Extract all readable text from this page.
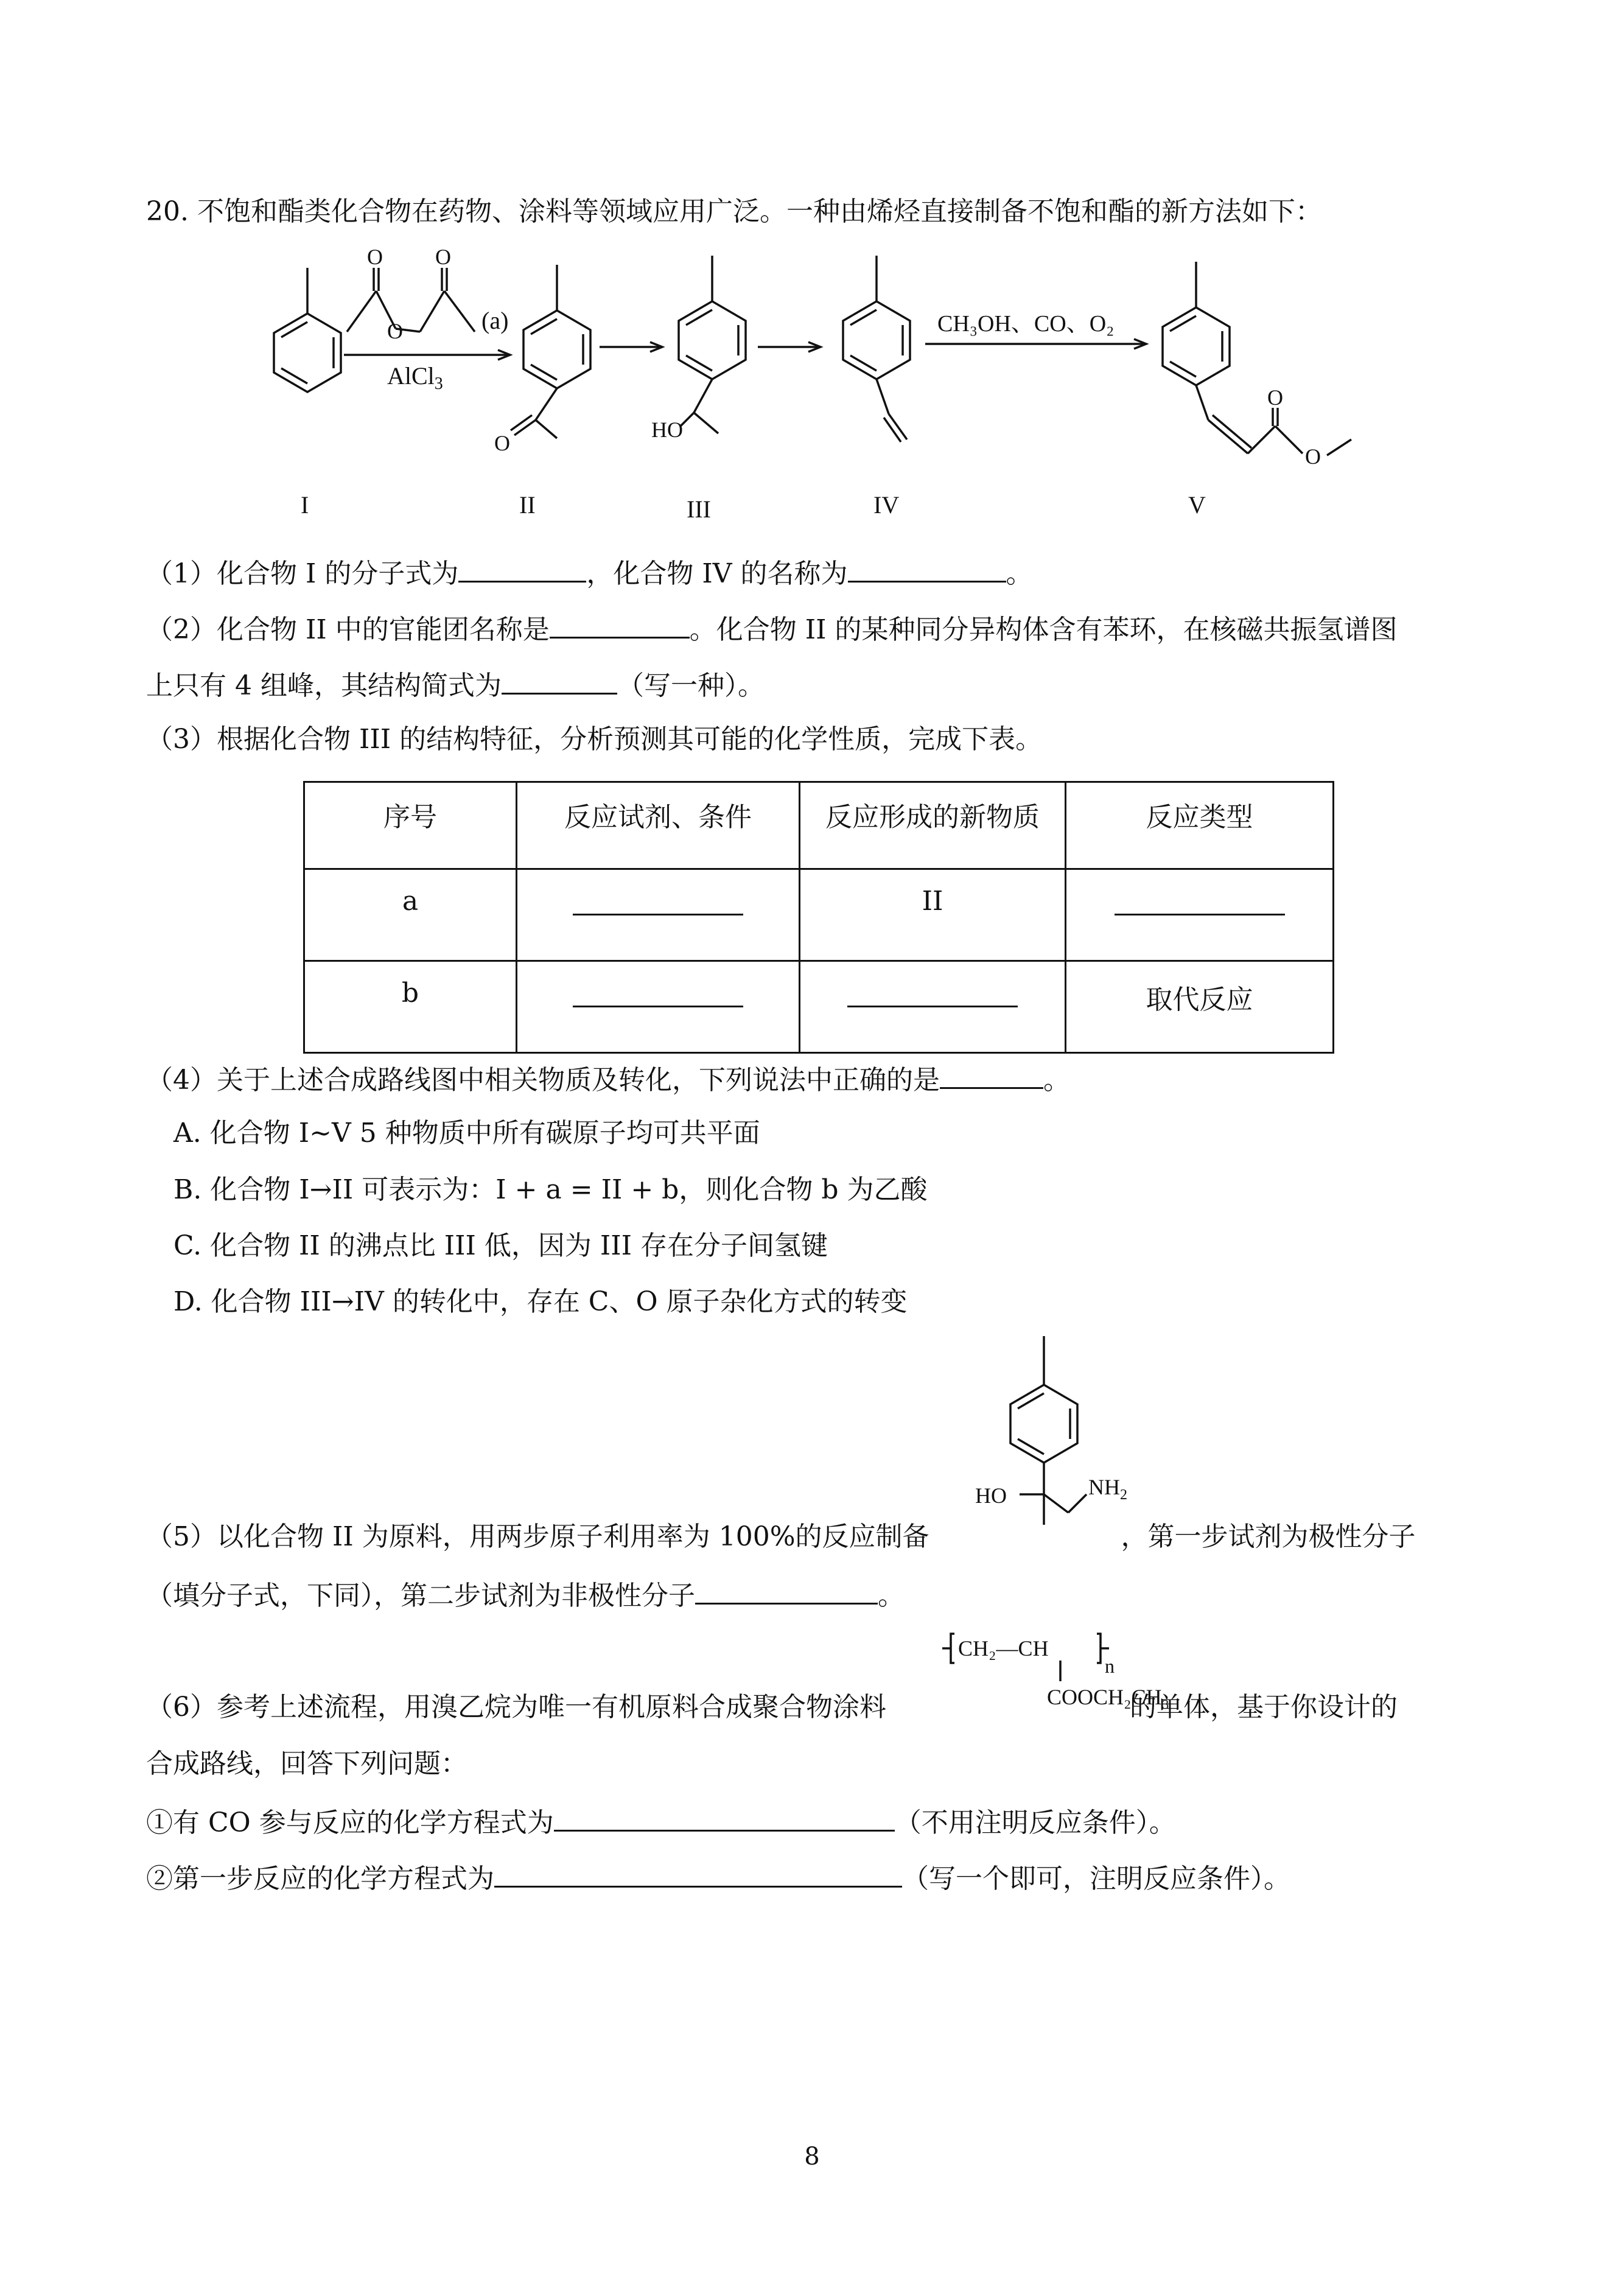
20. 不饱和酯类化合物在药物、涂料等领域应用广泛。一种由烯烃直接制备不饱和酯的新方法如下：
(a)
AlCl$_3$
CH₃OH、CO、O₂
O
O O
O
HO
O
O
I	II	III	IV	V
（1）化合物 I 的分子式为	，化合物 IV 的名称为	。
（2）化合物 II 中的官能团名称是	。化合物 II 的某种同分异构体含有苯环，在核磁共振氢谱图
上只有 4 组峰，其结构简式为	（写一种）。
（3）根据化合物 III 的结构特征，分析预测其可能的化学性质，完成下表。
序号	反应试剂、条件	反应形成的新物质	反应类型
a		II	
b			取代反应
（4）关于上述合成路线图中相关物质及转化，下列说法中正确的是	。
A. 化合物 I~V 5 种物质中所有碳原子均可共平面
B. 化合物 I→II 可表示为：I + a = II + b，则化合物 b 为乙酸
C. 化合物 II 的沸点比 III 低，因为 III 存在分子间氢键
D. 化合物 III→IV 的转化中，存在 C、O 原子杂化方式的转变
HO	$NH_2$
（5）以化合物 II 为原料，用两步原子利用率为 100%的反应制备	，第一步试剂为极性分子
（填分子式，下同），第二步试剂为非极性分子	。
CH₂—CH
n
COOCH₂CH₃
（6）参考上述流程，用溴乙烷为唯一有机原料合成聚合物涂料	的单体，基于你设计的
合成路线，回答下列问题：
①有 CO 参与反应的化学方程式为	（不用注明反应条件）。
②第一步反应的化学方程式为	（写一个即可，注明反应条件）。
8
